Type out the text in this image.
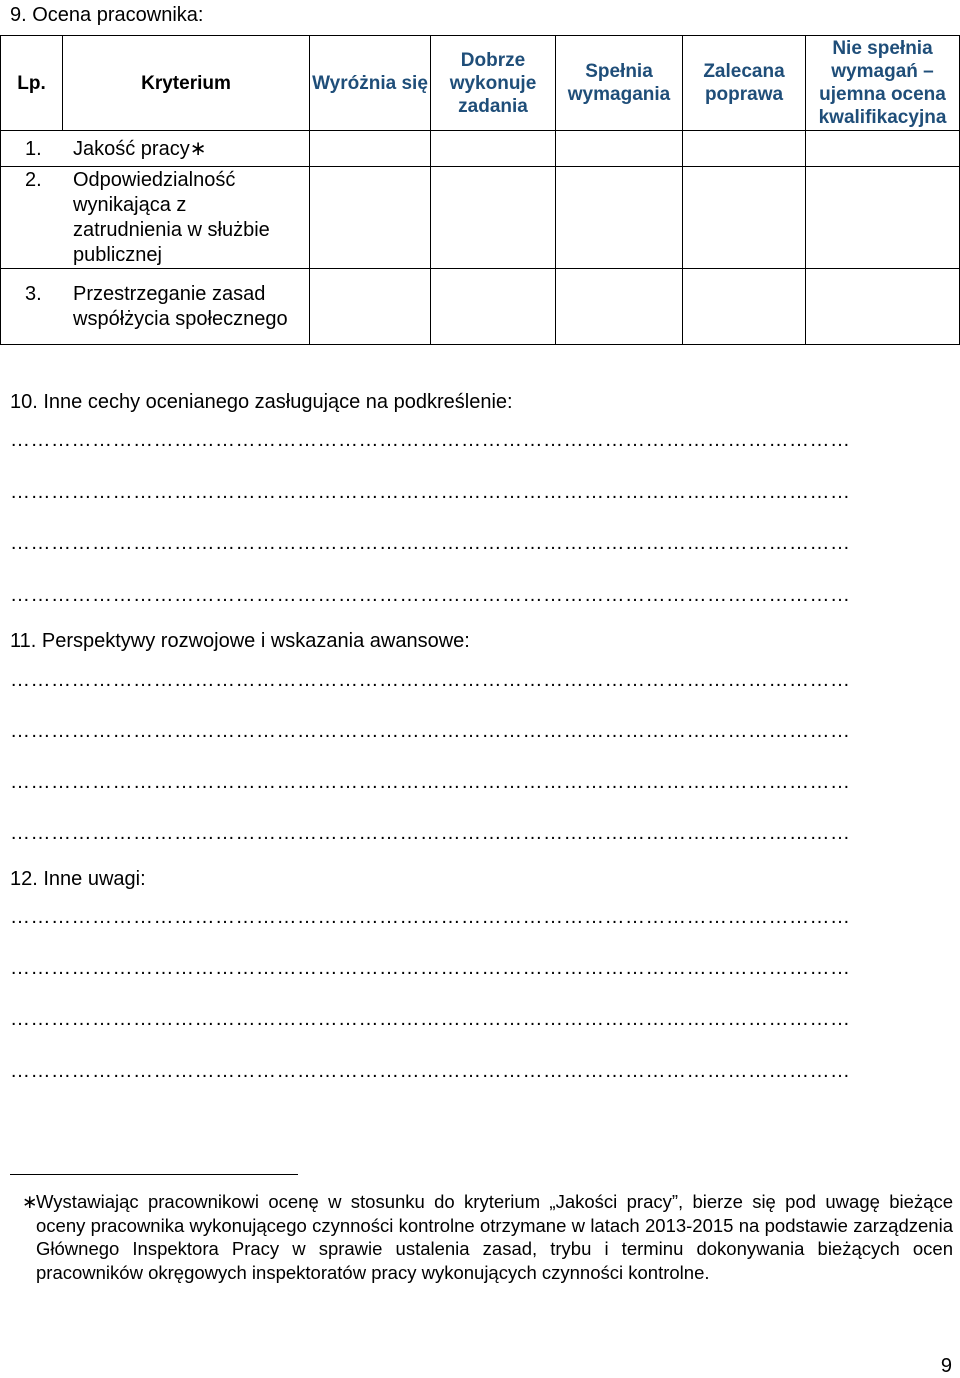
9. Ocena pracownika:
Lp.	Kryterium	Wyróżnia się	Dobrze wykonuje zadania	Spełnia wymagania	Zalecana poprawa	Nie spełnia wymagań – ujemna ocena kwalifikacyjna
1. Jakość pracy∗						
2. Odpowiedzialność wynikająca z zatrudnienia w służbie publicznej						
3. Przestrzeganie zasad współżycia społecznego						
10. Inne cechy ocenianego zasługujące na podkreślenie:
……………………………………………………………………………………………………………
……………………………………………………………………………………………………………
……………………………………………………………………………………………………………
……………………………………………………………………………………………………………
11. Perspektywy rozwojowe i wskazania awansowe:
……………………………………………………………………………………………………………
……………………………………………………………………………………………………………
……………………………………………………………………………………………………………
……………………………………………………………………………………………………………
12. Inne uwagi:
……………………………………………………………………………………………………………
……………………………………………………………………………………………………………
……………………………………………………………………………………………………………
……………………………………………………………………………………………………………
∗
Wystawiając pracownikowi ocenę w stosunku do kryterium „Jakości pracy”, bierze się pod uwagę bieżące oceny pracownika wykonującego czynności kontrolne otrzymane w latach 2013-2015 na podstawie zarządzenia Głównego Inspektora Pracy w sprawie ustalenia zasad, trybu i terminu dokonywania bieżących ocen pracowników okręgowych inspektoratów pracy wykonujących czynności kontrolne.
9
